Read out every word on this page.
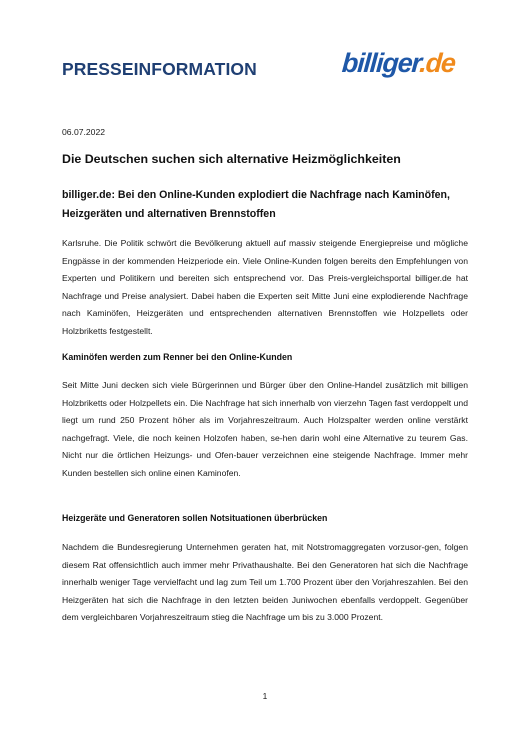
PRESSEINFORMATION	billiger.de
06.07.2022
Die Deutschen suchen sich alternative Heizmöglichkeiten
billiger.de: Bei den Online-Kunden explodiert die Nachfrage nach Kaminöfen, Heizgeräten und alternativen Brennstoffen
Karlsruhe. Die Politik schwört die Bevölkerung aktuell auf massiv steigende Energiepreise und mögliche Engpässe in der kommenden Heizperiode ein. Viele Online-Kunden folgen bereits den Empfehlungen von Experten und Politikern und bereiten sich entsprechend vor. Das Preis-vergleichsportal billiger.de hat Nachfrage und Preise analysiert. Dabei haben die Experten seit Mitte Juni eine explodierende Nachfrage nach Kaminöfen, Heizgeräten und entsprechenden alternativen Brennstoffen wie Holzpellets oder Holzbriketts festgestellt.
Kaminöfen werden zum Renner bei den Online-Kunden
Seit Mitte Juni decken sich viele Bürgerinnen und Bürger über den Online-Handel zusätzlich mit billigen Holzbriketts oder Holzpellets ein. Die Nachfrage hat sich innerhalb von vierzehn Tagen fast verdoppelt und liegt um rund 250 Prozent höher als im Vorjahreszeitraum. Auch Holzspalter werden online verstärkt nachgefragt. Viele, die noch keinen Holzofen haben, se-hen darin wohl eine Alternative zu teurem Gas. Nicht nur die örtlichen Heizungs- und Ofen-bauer verzeichnen eine steigende Nachfrage. Immer mehr Kunden bestellen sich online einen Kaminofen.
Heizgeräte und Generatoren sollen Notsituationen überbrücken
Nachdem die Bundesregierung Unternehmen geraten hat, mit Notstromaggregaten vorzusor-gen, folgen diesem Rat offensichtlich auch immer mehr Privathaushalte. Bei den Generatoren hat sich die Nachfrage innerhalb weniger Tage vervielfacht und lag zum Teil um 1.700 Prozent über den Vorjahreszahlen. Bei den Heizgeräten hat sich die Nachfrage in den letzten beiden Juniwochen ebenfalls verdoppelt. Gegenüber dem vergleichbaren Vorjahreszeitraum stieg die Nachfrage um bis zu 3.000 Prozent.
1
